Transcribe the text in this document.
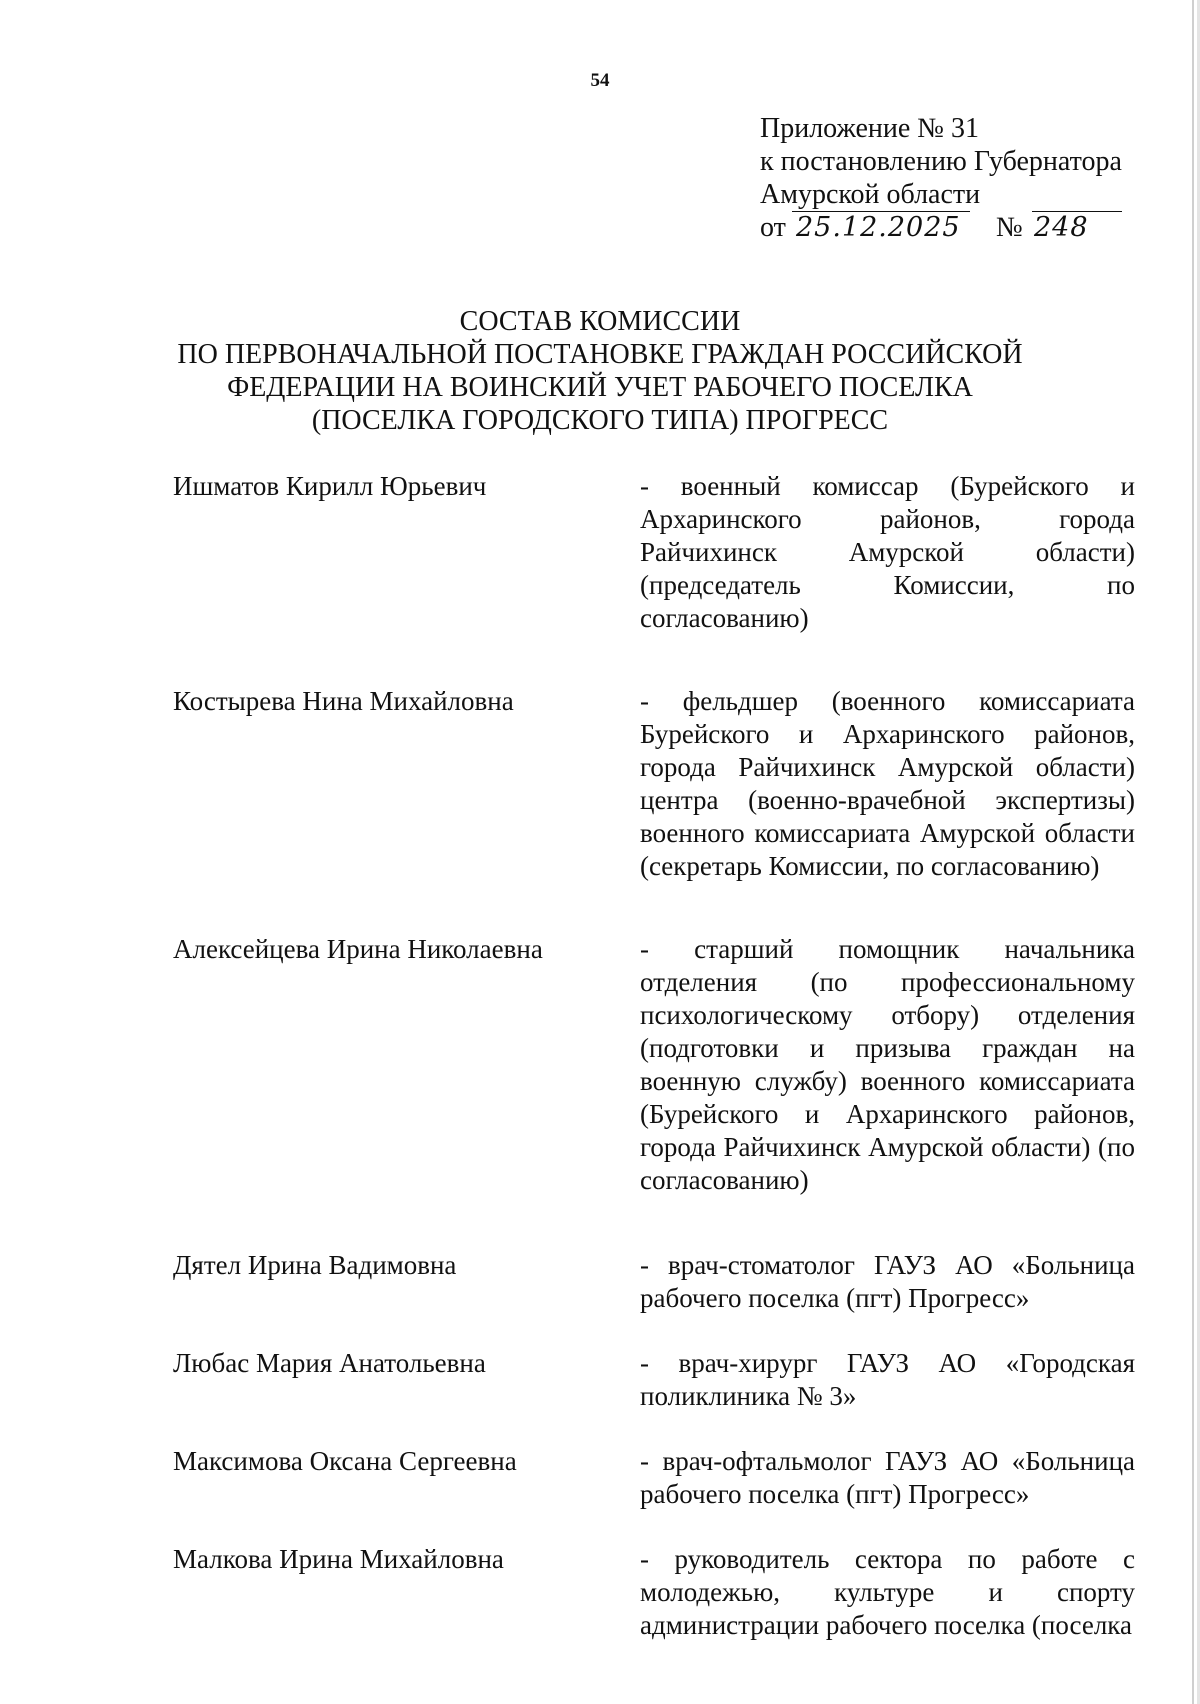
54
Приложение № 31
к постановлению Губернатора
Амурской области
от 25.12.2025 № 248
СОСТАВ КОМИССИИ
ПО ПЕРВОНАЧАЛЬНОЙ ПОСТАНОВКЕ ГРАЖДАН РОССИЙСКОЙ
ФЕДЕРАЦИИ НА ВОИНСКИЙ УЧЕТ РАБОЧЕГО ПОСЕЛКА
(ПОСЕЛКА ГОРОДСКОГО ТИПА) ПРОГРЕСС
Ишматов Кирилл Юрьевич	- военный комиссар (Бурейского и Архаринского районов, города Райчихинск Амурской области) (председатель Комиссии, по согласованию)
Костырева Нина Михайловна	- фельдшер (военного комиссариата Бурейского и Архаринского районов, города Райчихинск Амурской области) центра (военно-врачебной экспертизы) военного комиссариата Амурской области (секретарь Комиссии, по согласованию)
Алексейцева Ирина Николаевна	- старший помощник начальника отделения (по профессиональному психологическому отбору) отделения (подготовки и призыва граждан на военную службу) военного комиссариата (Бурейского и Архаринского районов, города Райчихинск Амурской области) (по согласованию)
Дятел Ирина Вадимовна	- врач-стоматолог ГАУЗ АО «Больница рабочего поселка (пгт) Прогресс»
Любас Мария Анатольевна	- врач-хирург ГАУЗ АО «Городская поликлиника № 3»
Максимова Оксана Сергеевна	- врач-офтальмолог ГАУЗ АО «Больница рабочего поселка (пгт) Прогресс»
Малкова Ирина Михайловна	- руководитель сектора по работе с молодежью, культуре и спорту администрации рабочего поселка (поселка
